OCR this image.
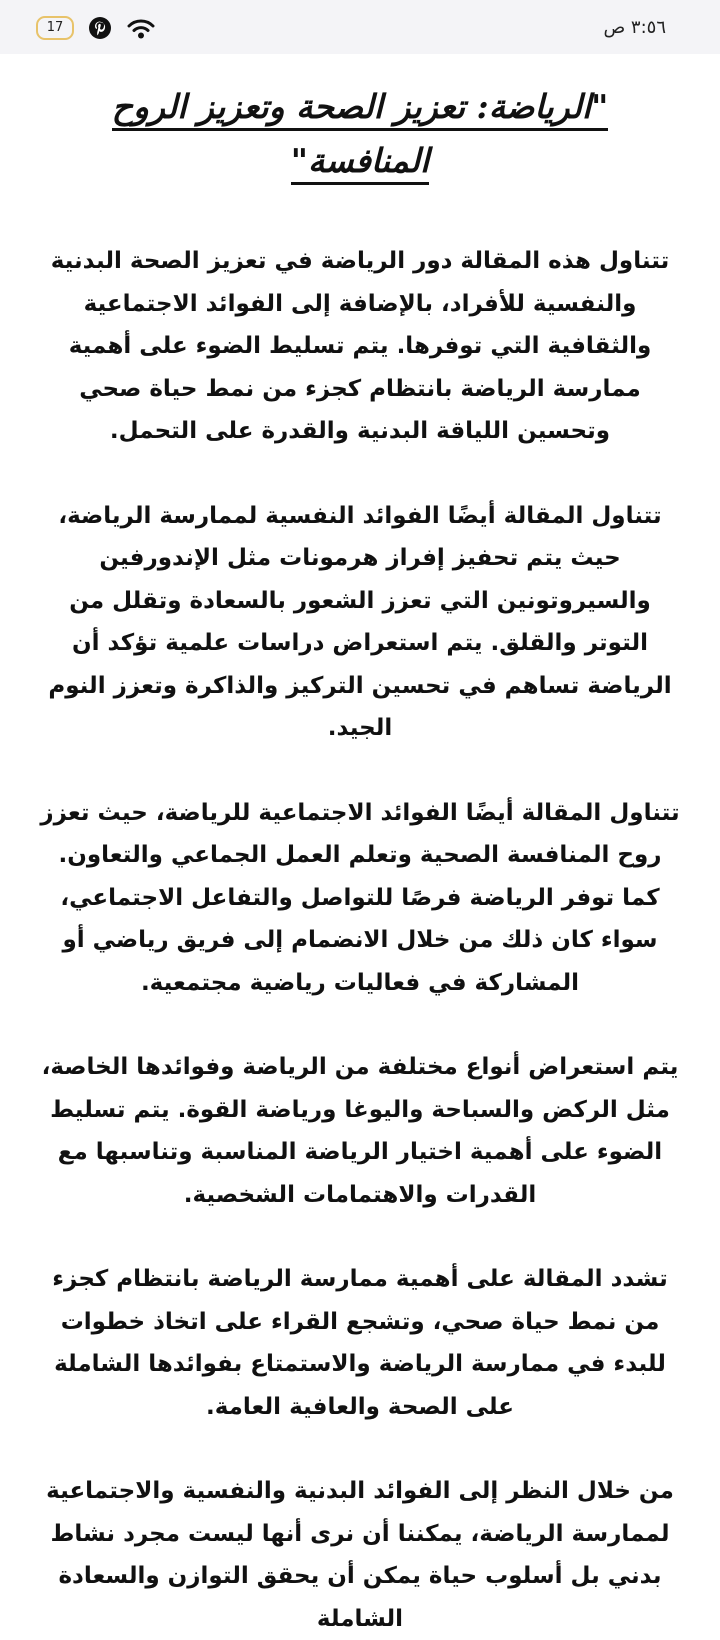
17	٣:٥٦ ص
"الرياضة: تعزيز الصحة وتعزيز الروح
المنافسة"

تتناول هذه المقالة دور الرياضة في تعزيز الصحة البدنية والنفسية للأفراد، بالإضافة إلى الفوائد الاجتماعية والثقافية التي توفرها. يتم تسليط الضوء على أهمية ممارسة الرياضة بانتظام كجزء من نمط حياة صحي وتحسين اللياقة البدنية والقدرة على التحمل.

تتناول المقالة أيضًا الفوائد النفسية لممارسة الرياضة، حيث يتم تحفيز إفراز هرمونات مثل الإندورفين والسيروتونين التي تعزز الشعور بالسعادة وتقلل من التوتر والقلق. يتم استعراض دراسات علمية تؤكد أن الرياضة تساهم في تحسين التركيز والذاكرة وتعزز النوم الجيد.

تتناول المقالة أيضًا الفوائد الاجتماعية للرياضة، حيث تعزز روح المنافسة الصحية وتعلم العمل الجماعي والتعاون. كما توفر الرياضة فرصًا للتواصل والتفاعل الاجتماعي، سواء كان ذلك من خلال الانضمام إلى فريق رياضي أو المشاركة في فعاليات رياضية مجتمعية.

يتم استعراض أنواع مختلفة من الرياضة وفوائدها الخاصة، مثل الركض والسباحة واليوغا ورياضة القوة. يتم تسليط الضوء على أهمية اختيار الرياضة المناسبة وتناسبها مع القدرات والاهتمامات الشخصية.

تشدد المقالة على أهمية ممارسة الرياضة بانتظام كجزء من نمط حياة صحي، وتشجع القراء على اتخاذ خطوات للبدء في ممارسة الرياضة والاستمتاع بفوائدها الشاملة على الصحة والعافية العامة.

من خلال النظر إلى الفوائد البدنية والنفسية والاجتماعية لممارسة الرياضة، يمكننا أن نرى أنها ليست مجرد نشاط بدني بل أسلوب حياة يمكن أن يحقق التوازن والسعادة الشاملة
